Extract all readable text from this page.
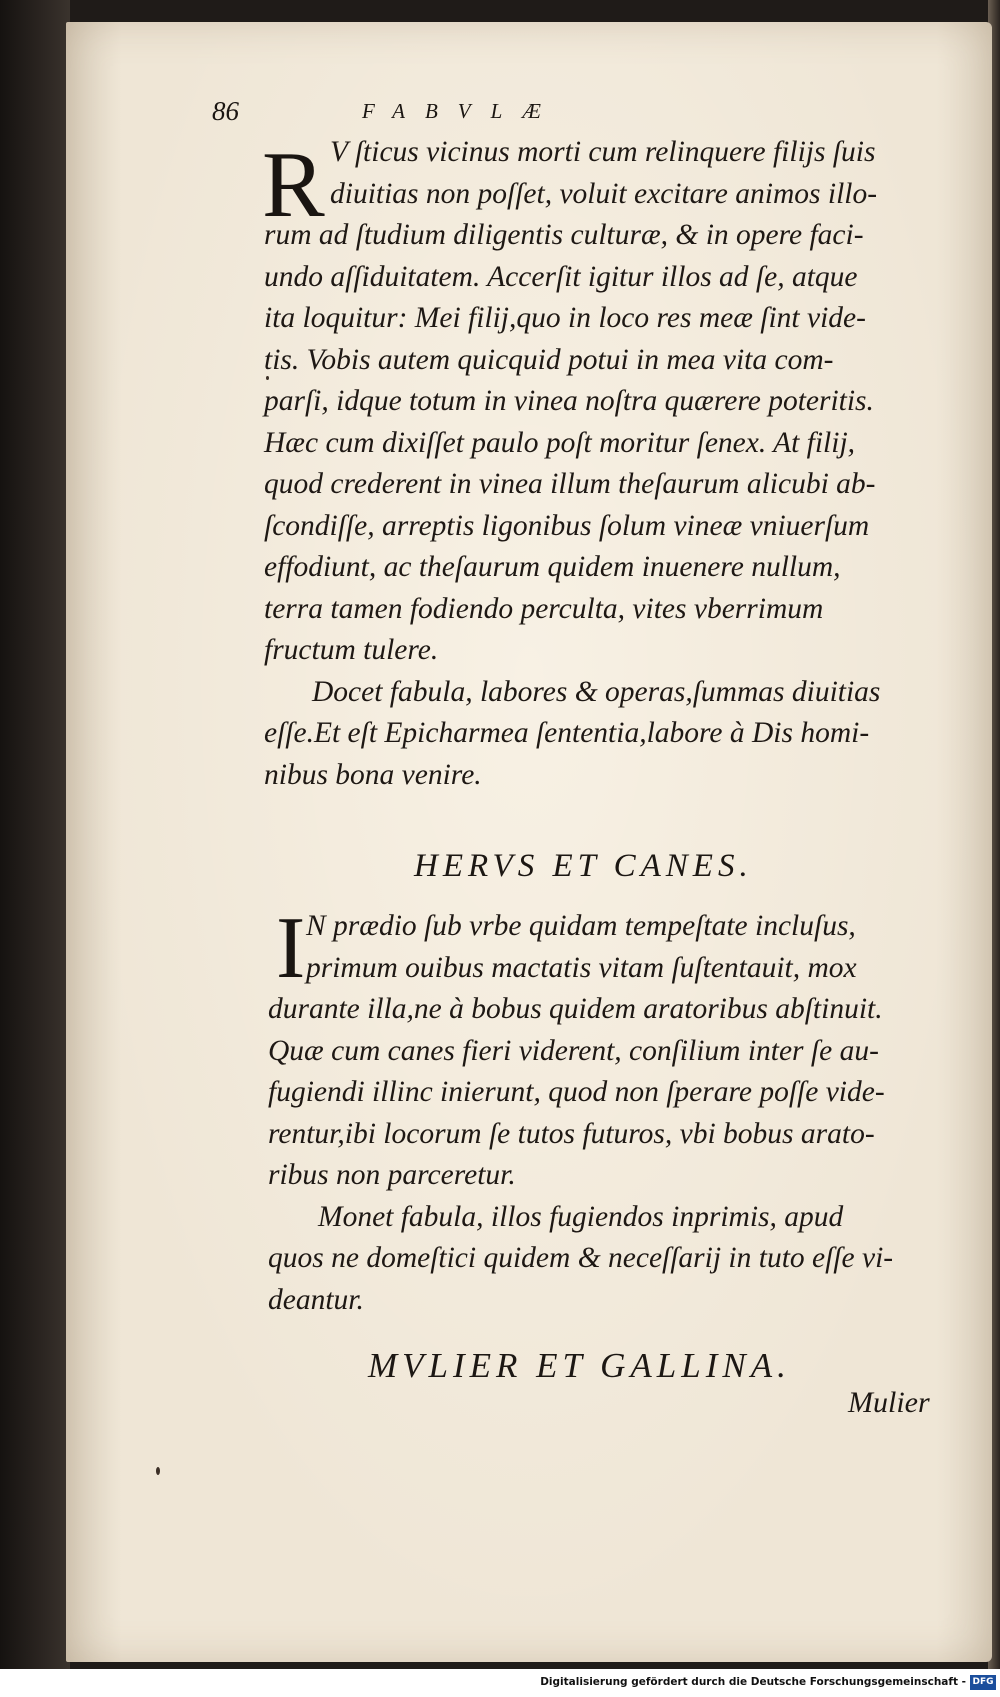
86	FABVLÆ
R V ſticus vicinus morti cum relinquere filijs ſuis
diuitias non poſſet, voluit excitare animos illo-
rum ad ſtudium diligentis culturæ, & in opere faci-
undo aſſiduitatem. Accerſit igitur illos ad ſe, atque
ita loquitur: Mei filij,quo in loco res meæ ſint vide-
tis. Vobis autem quicquid potui in mea vita com-
parſi, idque totum in vinea noſtra quærere poteritis.
Hæc cum dixiſſet paulo poſt moritur ſenex. At filij,
quod crederent in vinea illum theſaurum alicubi ab-
ſcondiſſe, arreptis ligonibus ſolum vineæ vniuerſum
effodiunt, ac theſaurum quidem inuenere nullum,
terra tamen fodiendo perculta, vites vberrimum
fructum tulere.
Docet fabula, labores & operas,ſummas diuitias
eſſe.Et eſt Epicharmea ſententia,labore à Dis homi-
nibus bona venire.
HERVS ET CANES.
I N prædio ſub vrbe quidam tempeſtate incluſus,
primum ouibus mactatis vitam ſuſtentauit, mox
durante illa,ne à bobus quidem aratoribus abſtinuit.
Quæ cum canes fieri viderent, conſilium inter ſe au-
fugiendi illinc inierunt, quod non ſperare poſſe vide-
rentur,ibi locorum ſe tutos futuros, vbi bobus arato-
ribus non parceretur.
Monet fabula, illos fugiendos inprimis, apud
quos ne domeſtici quidem & neceſſarij in tuto eſſe vi-
deantur.
MVLIER ET GALLINA.
Mulier
Digitalisierung gefördert durch die Deutsche Forschungsgemeinschaft - DFG
